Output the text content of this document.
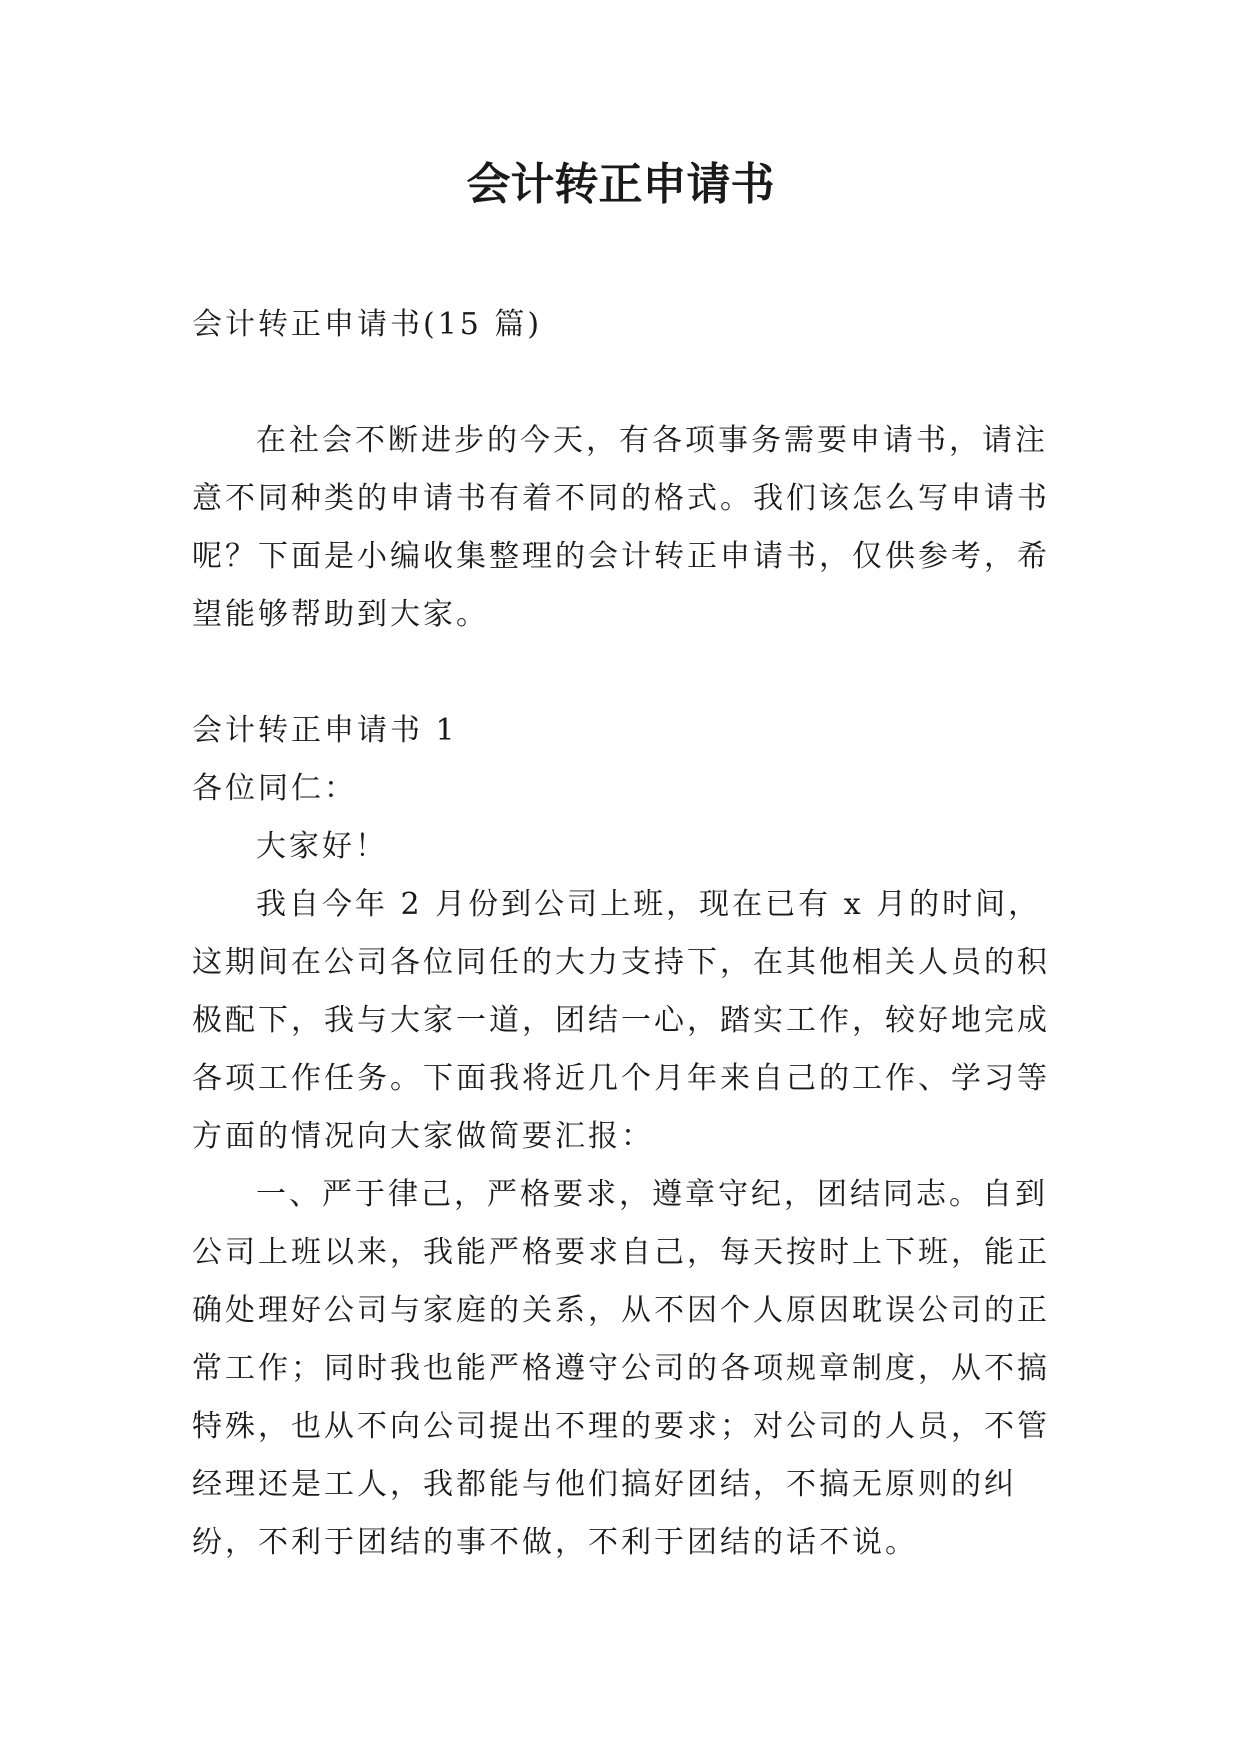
会计转正申请书

会计转正申请书(15 篇)

在社会不断进步的今天，有各项事务需要申请书，请注意不同种类的申请书有着不同的格式。我们该怎么写申请书呢？下面是小编收集整理的会计转正申请书，仅供参考，希望能够帮助到大家。

会计转正申请书 1

各位同仁：

大家好！

我自今年 2 月份到公司上班，现在已有 x 月的时间，这期间在公司各位同任的大力支持下，在其他相关人员的积极配下，我与大家一道，团结一心，踏实工作，较好地完成各项工作任务。下面我将近几个月年来自己的工作、学习等方面的情况向大家做简要汇报：

一、严于律己，严格要求，遵章守纪，团结同志。自到公司上班以来，我能严格要求自己，每天按时上下班，能正确处理好公司与家庭的关系，从不因个人原因耽误公司的正常工作；同时我也能严格遵守公司的各项规章制度，从不搞特殊，也从不向公司提出不理的要求；对公司的人员，不管经理还是工人，我都能与他们搞好团结，不搞无原则的纠纷，不利于团结的事不做，不利于团结的话不说。
